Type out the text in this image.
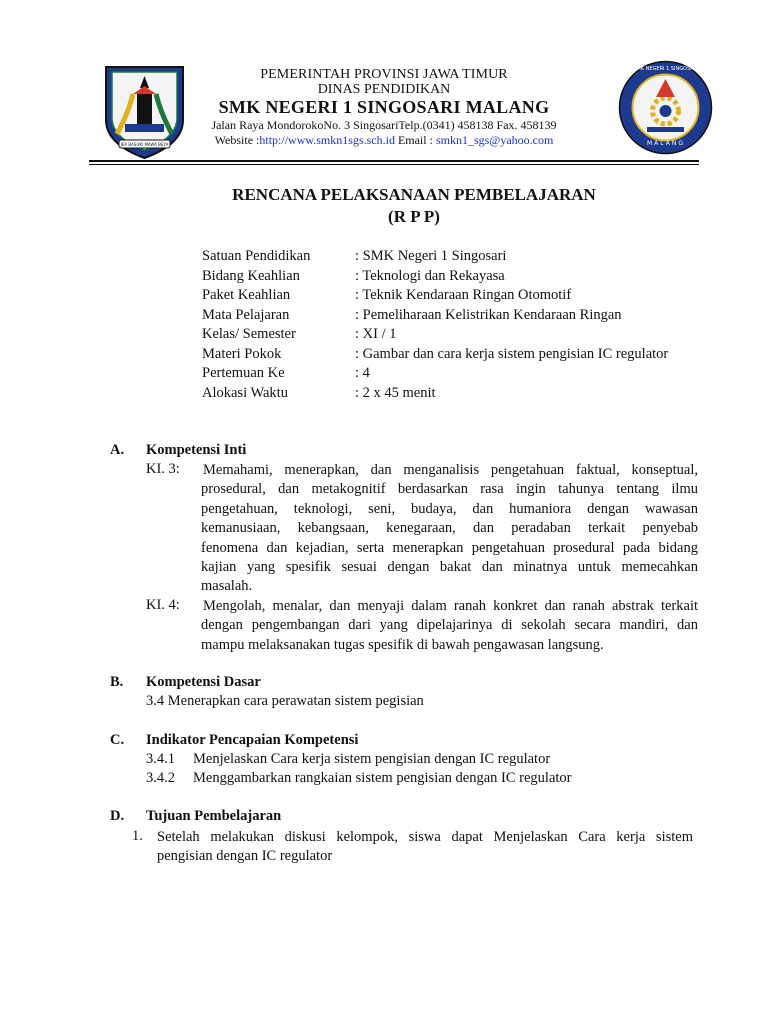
JER BASUKI MAWA BEYA
SMK NEGERI 1 SINGOSARI
MALANG
PEMERINTAH PROVINSI JAWA TIMUR
DINAS PENDIDIKAN
SMK NEGERI 1 SINGOSARI MALANG
Jalan Raya MondorokoNo. 3 SingosariTelp.(0341) 458138 Fax. 458139
Website :http://www.smkn1sgs.sch.id Email : smkn1_sgs@yahoo.com
RENCANA PELAKSANAAN PEMBELAJARAN
(R P P)
Satuan Pendidikan	: SMK Negeri 1 Singosari
Bidang Keahlian	: Teknologi dan Rekayasa
Paket Keahlian	: Teknik Kendaraan Ringan Otomotif
Mata Pelajaran	: Pemeliharaan Kelistrikan Kendaraan Ringan
Kelas/ Semester	: XI / 1
Materi Pokok	: Gambar dan cara kerja sistem pengisian IC regulator
Pertemuan Ke	: 4
Alokasi Waktu	: 2 x 45 menit
A. Kompetensi Inti
KI. 3: Memahami, menerapkan, dan menganalisis pengetahuan faktual, konseptual,
prosedural, dan metakognitif berdasarkan rasa ingin tahunya tentang ilmu
pengetahuan, teknologi, seni, budaya, dan humaniora dengan wawasan
kemanusiaan, kebangsaan, kenegaraan, dan peradaban terkait penyebab
fenomena dan kejadian, serta menerapkan pengetahuan prosedural pada bidang
kajian yang spesifik sesuai dengan bakat dan minatnya untuk memecahkan
masalah.
KI. 4: Mengolah, menalar, dan menyaji dalam ranah konkret dan ranah abstrak terkait
dengan pengembangan dari yang dipelajarinya di sekolah secara mandiri, dan
mampu melaksanakan tugas spesifik di bawah pengawasan langsung.
B. Kompetensi Dasar
3.4 Menerapkan cara perawatan sistem pegisian
C. Indikator Pencapaian Kompetensi
3.4.1 Menjelaskan Cara kerja sistem pengisian dengan IC regulator
3.4.2 Menggambarkan rangkaian sistem pengisian dengan IC regulator
D. Tujuan Pembelajaran
1. Setelah melakukan diskusi kelompok, siswa dapat Menjelaskan Cara kerja sistem
pengisian dengan IC regulator
